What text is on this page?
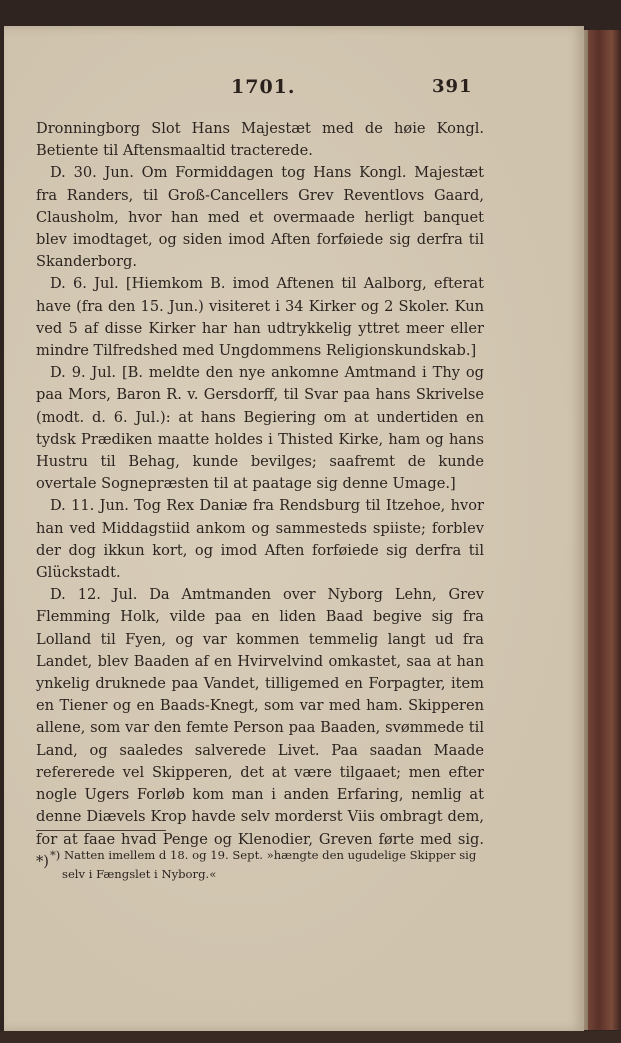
1701.	391

Dronningborg Slot Hans Majestæt med de høie Kongl. Betiente til Aftensmaaltid tracterede.

D. 30. Jun. Om Formiddagen tog Hans Kongl. Majestæt fra Randers, til Groß-Cancellers Grev Reventlovs Gaard, Clausholm, hvor han med et overmaade herligt banquet blev imodtaget, og siden imod Aften forføiede sig derfra til Skanderborg.

D. 6. Jul. [Hiemkom B. imod Aftenen til Aalborg, efterat have (fra den 15. Jun.) visiteret i 34 Kirker og 2 Skoler. Kun ved 5 af disse Kirker har han udtrykkelig yttret meer eller mindre Tilfredshed med Ungdommens Religionskundskab.]

D. 9. Jul. [B. meldte den nye ankomne Amtmand i Thy og paa Mors, Baron R. v. Gersdorff, til Svar paa hans Skrivelse (modt. d. 6. Jul.): at hans Begiering om at undertiden en tydsk Prædiken maatte holdes i Thisted Kirke, ham og hans Hustru til Behag, kunde bevilges; saafremt de kunde overtale Sognepræsten til at paatage sig denne Umage.]

D. 11. Jun. Tog Rex Daniæ fra Rendsburg til Itzehoe, hvor han ved Middagstiid ankom og sammesteds spiiste; forblev der dog ikkun kort, og imod Aften forføiede sig derfra til Glückstadt.

D. 12. Jul. Da Amtmanden over Nyborg Lehn, Grev Flemming Holk, vilde paa en liden Baad begive sig fra Lolland til Fyen, og var kommen temmelig langt ud fra Landet, blev Baaden af en Hvirvelvind omkastet, saa at han ynkelig druknede paa Vandet, tilligemed en Forpagter, item en Tiener og en Baads-Knegt, som var med ham. Skipperen allene, som var den femte Person paa Baaden, svømmede til Land, og saaledes salverede Livet. Paa saadan Maade refererede vel Skipperen, det at være tilgaaet; men efter nogle Ugers Forløb kom man i anden Erfaring, nemlig at denne Diævels Krop havde selv morderst Viis ombragt dem, for at faae hvad Penge og Klenodier, Greven førte med sig. *) *) Natten imellem d 18. og 19. Sept. »hængte den ugudelige Skipper sig selv i Fængslet i Nyborg.«
